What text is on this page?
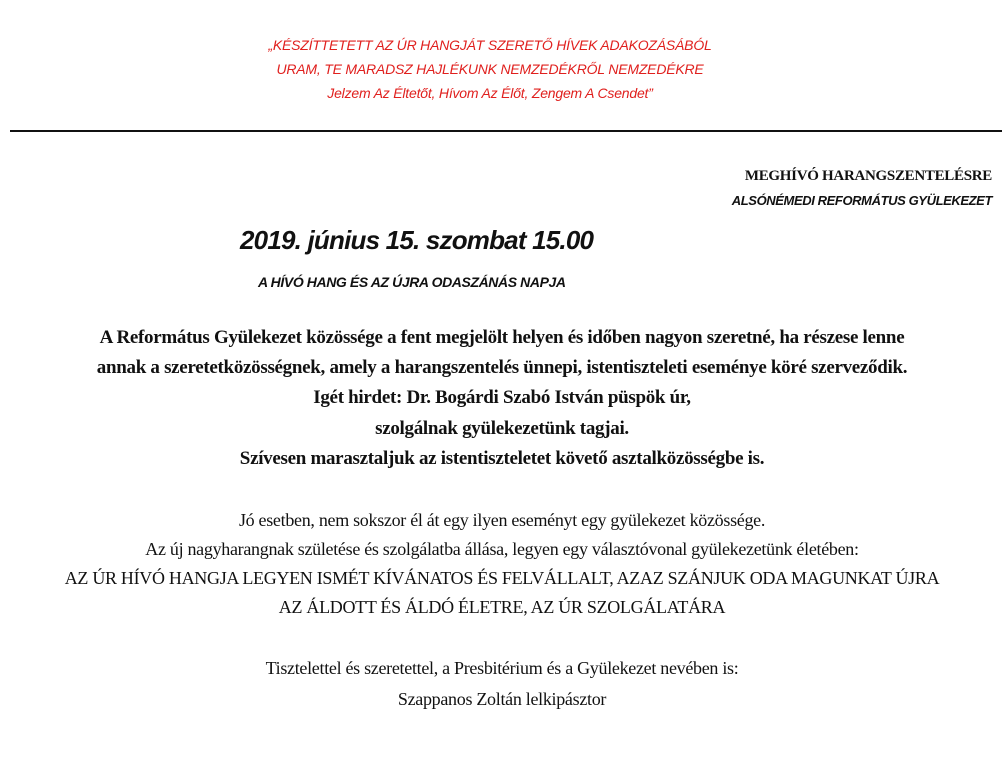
„KÉSZÍTTETETT AZ ÚR HANGJÁT SZERETŐ HÍVEK ADAKOZÁSÁBÓL
URAM, TE MARADSZ HAJLÉKUNK NEMZEDÉKRŐL NEMZEDÉKRE
Jelzem Az Éltetőt, Hívom Az Élőt, Zengem A Csendet”
MEGHÍVÓ HARANGSZENTELÉSRE
ALSÓNÉMEDI REFORMÁTUS GYÜLEKEZET
2019. június 15. szombat 15.00
A HÍVÓ HANG ÉS AZ ÚJRA ODASZÁNÁS NAPJA
A Református Gyülekezet közössége a fent megjelölt helyen és időben nagyon szeretné, ha részese lenne
annak a szeretetközösségnek, amely a harangszentelés ünnepi, istentiszteleti eseménye köré szerveződik.
Igét hirdet: Dr. Bogárdi Szabó István püspök úr,
szolgálnak gyülekezetünk tagjai.
Szívesen marasztaljuk az istentiszteletet követő asztalközösségbe is.
Jó esetben, nem sokszor él át egy ilyen eseményt egy gyülekezet közössége.
Az új nagyharangnak születése és szolgálatba állása, legyen egy választóvonal gyülekezetünk életében:
AZ ÚR HÍVÓ HANGJA LEGYEN ISMÉT KÍVÁNATOS ÉS FELVÁLLALT, AZAZ SZÁNJUK ODA MAGUNKAT ÚJRA
AZ ÁLDOTT ÉS ÁLDÓ ÉLETRE, AZ ÚR SZOLGÁLATÁRA
Tisztelettel és szeretettel, a Presbitérium és a Gyülekezet nevében is:
Szappanos Zoltán lelkipásztor
